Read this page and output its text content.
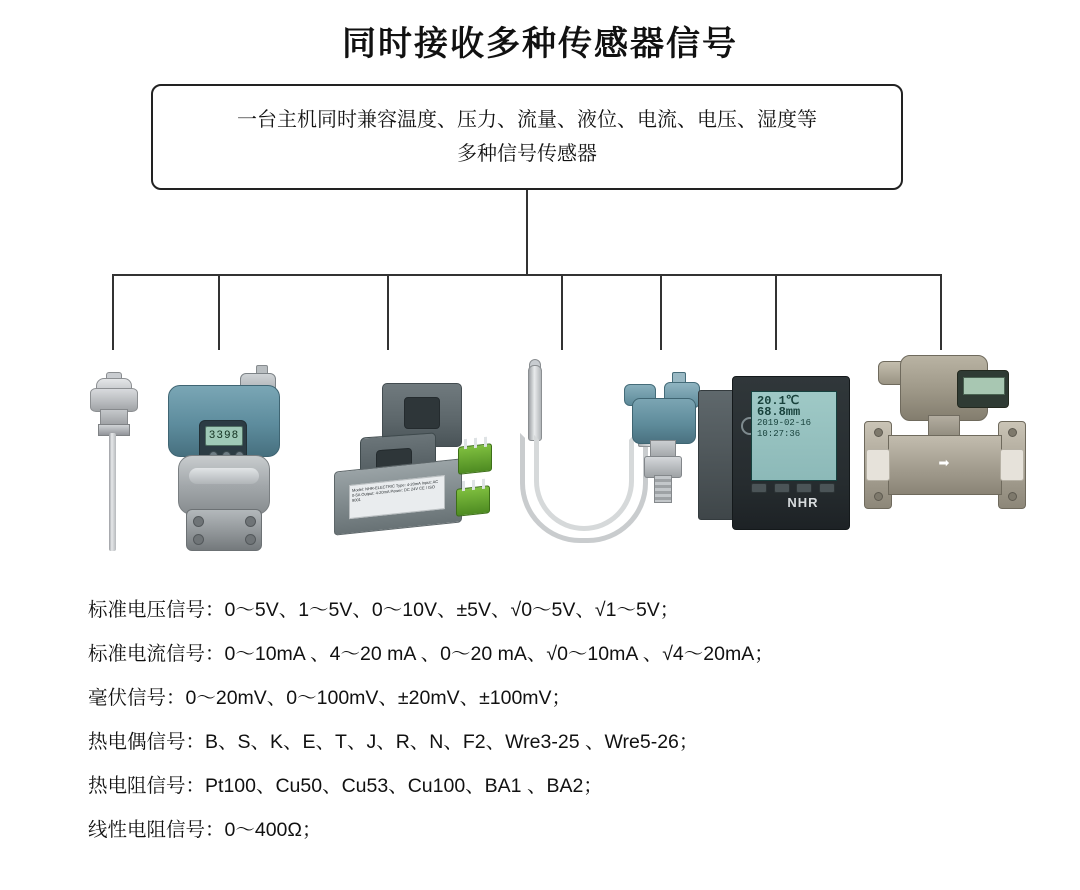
同时接收多种传感器信号
一台主机同时兼容温度、压力、流量、液位、电流、电压、湿度等
多种信号传感器
3398
Model: NHR-ELECTRIC Type: 4-20mA Input: AC 0-5A Output: 4-20mA Power: DC 24V CE / ISO 9001
20.1℃
68.8mm
2019-02-16
10:27:36
NHR
➡
标准电压信号：0～5V、1～5V、0～10V、±5V、√0～5V、√1～5V；
标准电流信号：0～10mA 、4～20 mA 、0～20 mA、√0～10mA 、√4～20mA；
毫伏信号：0～20mV、0～100mV、±20mV、±100mV；
热电偶信号：B、S、K、E、T、J、R、N、F2、Wre3-25 、Wre5-26；
热电阻信号：Pt100、Cu50、Cu53、Cu100、BA1 、BA2；
线性电阻信号：0～400Ω；
